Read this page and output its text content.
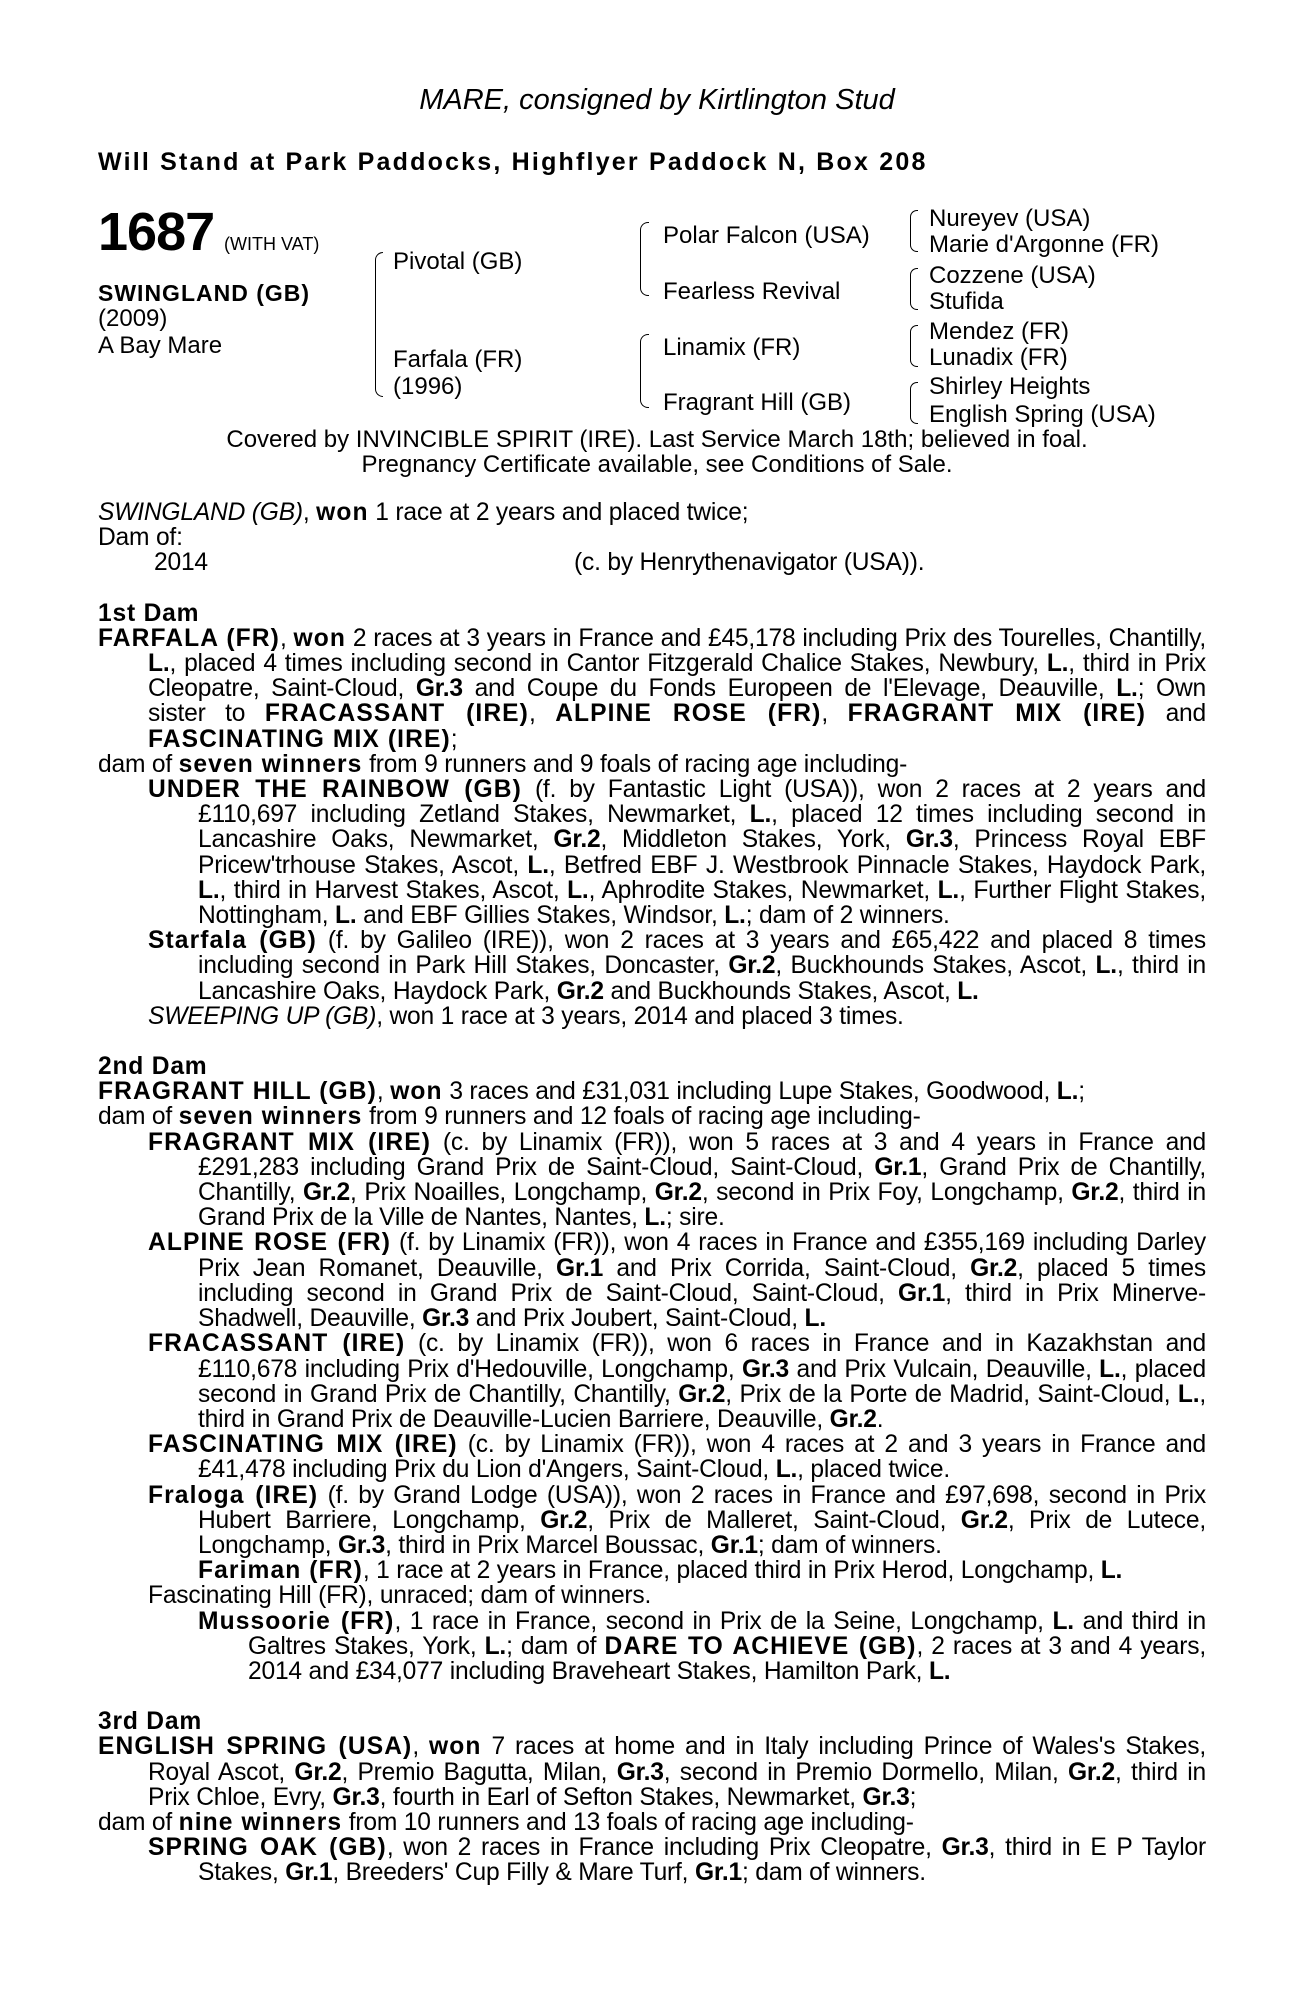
MARE, consigned by Kirtlington Stud
Will Stand at Park Paddocks, Highflyer Paddock N, Box 208
1687 (WITH VAT)
SWINGLAND (GB)
(2009)
A Bay Mare
Pivotal (GB)
Farfala (FR)
(1996)
Polar Falcon (USA)
Fearless Revival
Linamix (FR)
Fragrant Hill (GB)
Nureyev (USA)
Marie d'Argonne (FR)
Cozzene (USA)
Stufida
Mendez (FR)
Lunadix (FR)
Shirley Heights
English Spring (USA)
Covered by INVINCIBLE SPIRIT (IRE). Last Service March 18th; believed in foal.
Pregnancy Certificate available, see Conditions of Sale.

SWINGLAND (GB), won 1 race at 2 years and placed twice;

Dam of:

2014	(c. by Henrythenavigator (USA)).

1st Dam

FARFALA (FR), won 2 races at 3 years in France and £45,178 including Prix des Tourelles, Chantilly, L., placed 4 times including second in Cantor Fitzgerald Chalice Stakes, Newbury, L., third in Prix Cleopatre, Saint-Cloud, Gr.3 and Coupe du Fonds Europeen de l'Elevage, Deauville, L.; Own sister to FRACASSANT (IRE), ALPINE ROSE (FR), FRAGRANT MIX (IRE) and FASCINATING MIX (IRE);

dam of seven winners from 9 runners and 9 foals of racing age including-

UNDER THE RAINBOW (GB) (f. by Fantastic Light (USA)), won 2 races at 2 years and £110,697 including Zetland Stakes, Newmarket, L., placed 12 times including second in Lancashire Oaks, Newmarket, Gr.2, Middleton Stakes, York, Gr.3, Princess Royal EBF Pricew'trhouse Stakes, Ascot, L., Betfred EBF J. Westbrook Pinnacle Stakes, Haydock Park, L., third in Harvest Stakes, Ascot, L., Aphrodite Stakes, Newmarket, L., Further Flight Stakes, Nottingham, L. and EBF Gillies Stakes, Windsor, L.; dam of 2 winners.

Starfala (GB) (f. by Galileo (IRE)), won 2 races at 3 years and £65,422 and placed 8 times including second in Park Hill Stakes, Doncaster, Gr.2, Buckhounds Stakes, Ascot, L., third in Lancashire Oaks, Haydock Park, Gr.2 and Buckhounds Stakes, Ascot, L.

SWEEPING UP (GB), won 1 race at 3 years, 2014 and placed 3 times.

2nd Dam

FRAGRANT HILL (GB), won 3 races and £31,031 including Lupe Stakes, Goodwood, L.;

dam of seven winners from 9 runners and 12 foals of racing age including-

FRAGRANT MIX (IRE) (c. by Linamix (FR)), won 5 races at 3 and 4 years in France and £291,283 including Grand Prix de Saint-Cloud, Saint-Cloud, Gr.1, Grand Prix de Chantilly, Chantilly, Gr.2, Prix Noailles, Longchamp, Gr.2, second in Prix Foy, Longchamp, Gr.2, third in Grand Prix de la Ville de Nantes, Nantes, L.; sire.

ALPINE ROSE (FR) (f. by Linamix (FR)), won 4 races in France and £355,169 including Darley Prix Jean Romanet, Deauville, Gr.1 and Prix Corrida, Saint-Cloud, Gr.2, placed 5 times including second in Grand Prix de Saint-Cloud, Saint-Cloud, Gr.1, third in Prix Minerve- Shadwell, Deauville, Gr.3 and Prix Joubert, Saint-Cloud, L.

FRACASSANT (IRE) (c. by Linamix (FR)), won 6 races in France and in Kazakhstan and £110,678 including Prix d'Hedouville, Longchamp, Gr.3 and Prix Vulcain, Deauville, L., placed second in Grand Prix de Chantilly, Chantilly, Gr.2, Prix de la Porte de Madrid, Saint-Cloud, L., third in Grand Prix de Deauville-Lucien Barriere, Deauville, Gr.2.

FASCINATING MIX (IRE) (c. by Linamix (FR)), won 4 races at 2 and 3 years in France and £41,478 including Prix du Lion d'Angers, Saint-Cloud, L., placed twice.

Fraloga (IRE) (f. by Grand Lodge (USA)), won 2 races in France and £97,698, second in Prix Hubert Barriere, Longchamp, Gr.2, Prix de Malleret, Saint-Cloud, Gr.2, Prix de Lutece, Longchamp, Gr.3, third in Prix Marcel Boussac, Gr.1; dam of winners.

Fariman (FR), 1 race at 2 years in France, placed third in Prix Herod, Longchamp, L.

Fascinating Hill (FR), unraced; dam of winners.

Mussoorie (FR), 1 race in France, second in Prix de la Seine, Longchamp, L. and third in Galtres Stakes, York, L.; dam of DARE TO ACHIEVE (GB), 2 races at 3 and 4 years, 2014 and £34,077 including Braveheart Stakes, Hamilton Park, L.

3rd Dam

ENGLISH SPRING (USA), won 7 races at home and in Italy including Prince of Wales's Stakes, Royal Ascot, Gr.2, Premio Bagutta, Milan, Gr.3, second in Premio Dormello, Milan, Gr.2, third in Prix Chloe, Evry, Gr.3, fourth in Earl of Sefton Stakes, Newmarket, Gr.3;

dam of nine winners from 10 runners and 13 foals of racing age including-

SPRING OAK (GB), won 2 races in France including Prix Cleopatre, Gr.3, third in E P Taylor Stakes, Gr.1, Breeders' Cup Filly & Mare Turf, Gr.1; dam of winners.
